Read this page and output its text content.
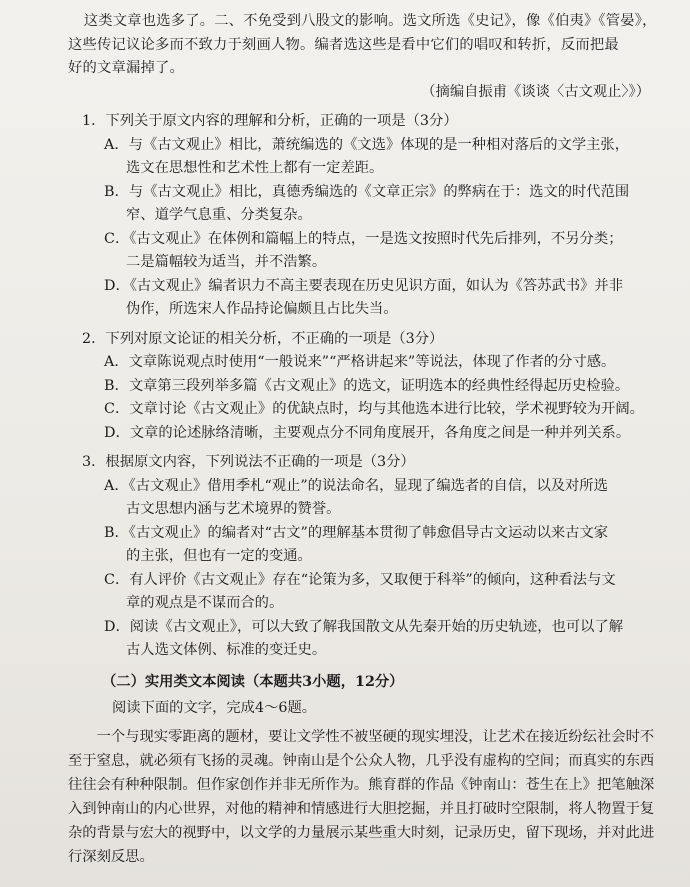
这类文章也选多了。二、不免受到八股文的影响。选文所选《史记》，像《伯夷》《管晏》，
这些传记议论多而不致力于刻画人物。编者选这些是看中它们的唱叹和转折，反而把最
好的文章漏掉了。

（摘编自振甫《谈谈〈古文观止〉》）
1．下列关于原文内容的理解和分析，正确的一项是（3分）
A．与《古文观止》相比，萧统编选的《文选》体现的是一种相对落后的文学主张，
选文在思想性和艺术性上都有一定差距。
B．与《古文观止》相比，真德秀编选的《文章正宗》的弊病在于：选文的时代范围
窄、道学气息重、分类复杂。
C．《古文观止》在体例和篇幅上的特点，一是选文按照时代先后排列，不另分类；
二是篇幅较为适当，并不浩繁。
D．《古文观止》编者识力不高主要表现在历史见识方面，如认为《答苏武书》并非
伪作，所选宋人作品持论偏颇且占比失当。
2．下列对原文论证的相关分析，不正确的一项是（3分）
A．文章陈说观点时使用“一般说来”“严格讲起来”等说法，体现了作者的分寸感。
B．文章第三段列举多篇《古文观止》的选文，证明选本的经典性经得起历史检验。
C．文章讨论《古文观止》的优缺点时，均与其他选本进行比较，学术视野较为开阔。
D．文章的论述脉络清晰，主要观点分不同角度展开，各角度之间是一种并列关系。
3．根据原文内容，下列说法不正确的一项是（3分）
A．《古文观止》借用季札“观止”的说法命名，显现了编选者的自信，以及对所选
古文思想内涵与艺术境界的赞誉。
B．《古文观止》的编者对“古文”的理解基本贯彻了韩愈倡导古文运动以来古文家
的主张，但也有一定的变通。
C．有人评价《古文观止》存在“论策为多，又取便于科举”的倾向，这种看法与文
章的观点是不谋而合的。
D．阅读《古文观止》，可以大致了解我国散文从先秦开始的历史轨迹，也可以了解
古人选文体例、标准的变迁史。

（二）实用类文本阅读（本题共3小题，12分）

阅读下面的文字，完成4～6题。

一个与现实零距离的题材，要让文学性不被坚硬的现实埋没，让艺术在接近纷纭社会时不至于窒息，就必须有飞扬的灵魂。钟南山是个公众人物，几乎没有虚构的空间；而真实的东西往往会有种种限制。但作家创作并非无所作为。熊育群的作品《钟南山：苍生在上》把笔触深入到钟南山的内心世界，对他的精神和情感进行大胆挖掘，并且打破时空限制，将人物置于复杂的背景与宏大的视野中，以文学的力量展示某些重大时刻，记录历史，留下现场，并对此进行深刻反思。
